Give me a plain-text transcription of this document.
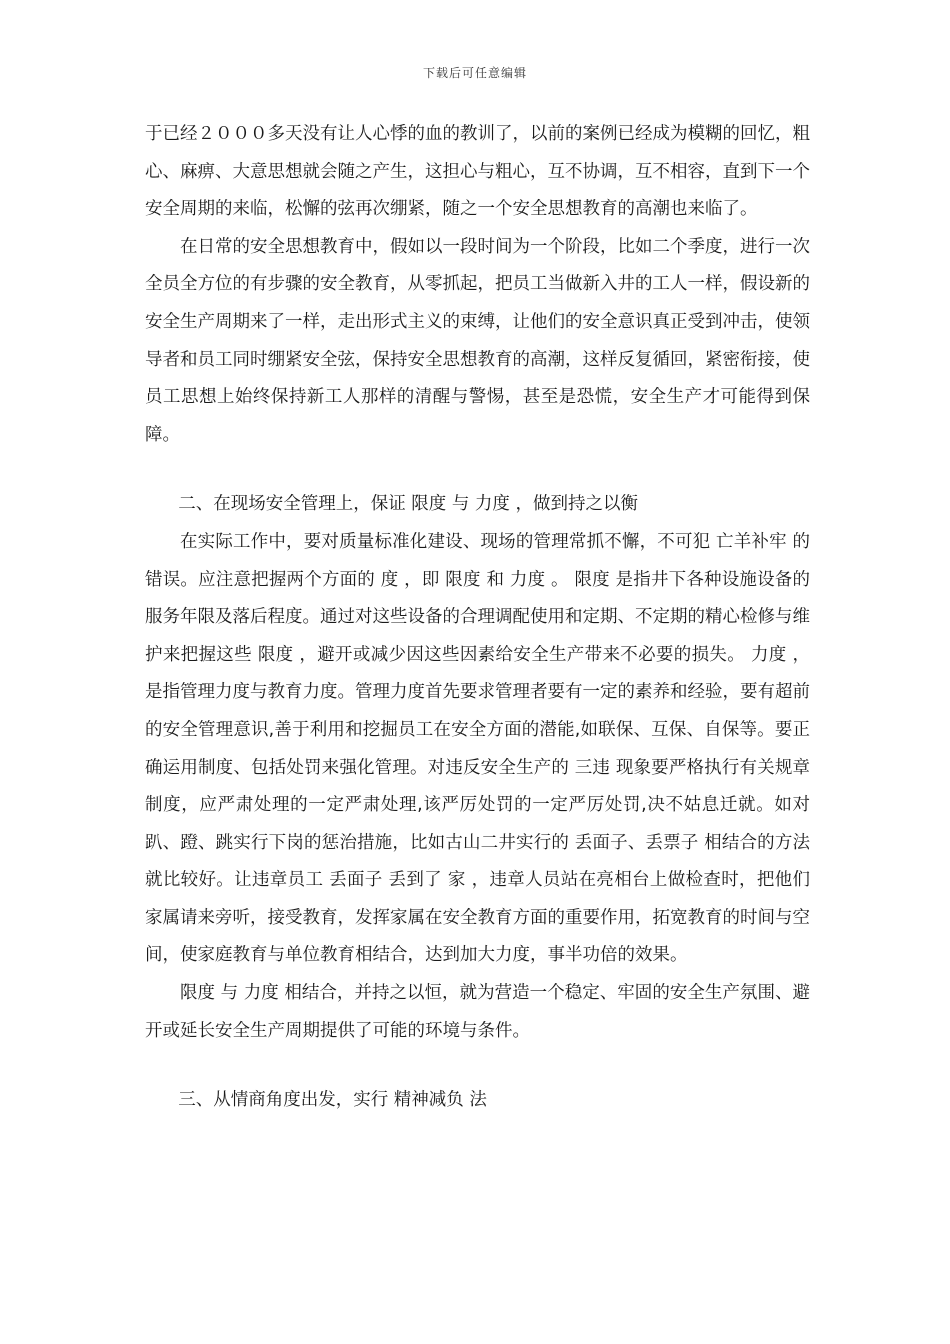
下载后可任意编辑

于已经２０００多天没有让人心悸的血的教训了，以前的案例已经成为模糊的回忆，粗心、麻痹、大意思想就会随之产生，这担心与粗心，互不协调，互不相容，直到下一个安全周期的来临，松懈的弦再次绷紧，随之一个安全思想教育的高潮也来临了。

在日常的安全思想教育中，假如以一段时间为一个阶段，比如二个季度，进行一次全员全方位的有步骤的安全教育，从零抓起，把员工当做新入井的工人一样，假设新的安全生产周期来了一样，走出形式主义的束缚，让他们的安全意识真正受到冲击，使领导者和员工同时绷紧安全弦，保持安全思想教育的高潮，这样反复循回，紧密衔接，使员工思想上始终保持新工人那样的清醒与警惕，甚至是恐慌，安全生产才可能得到保障。

二、在现场安全管理上，保证 限度 与 力度 ，做到持之以衡

在实际工作中，要对质量标准化建设、现场的管理常抓不懈，不可犯 亡羊补牢 的错误。应注意把握两个方面的 度 ，即 限度 和 力度 。 限度 是指井下各种设施设备的服务年限及落后程度。通过对这些设备的合理调配使用和定期、不定期的精心检修与维护来把握这些 限度 ，避开或减少因这些因素给安全生产带来不必要的损失。 力度 ，是指管理力度与教育力度。管理力度首先要求管理者要有一定的素养和经验，要有超前的安全管理意识,善于利用和挖掘员工在安全方面的潜能,如联保、互保、自保等。要正确运用制度、包括处罚来强化管理。对违反安全生产的 三违 现象要严格执行有关规章制度，应严肃处理的一定严肃处理,该严厉处罚的一定严厉处罚,决不姑息迁就。如对趴、蹬、跳实行下岗的惩治措施，比如古山二井实行的 丢面子、丢票子 相结合的方法就比较好。让违章员工 丢面子 丢到了 家 ，违章人员站在亮相台上做检查时，把他们家属请来旁听，接受教育，发挥家属在安全教育方面的重要作用，拓宽教育的时间与空间，使家庭教育与单位教育相结合，达到加大力度，事半功倍的效果。

限度 与 力度 相结合，并持之以恒，就为营造一个稳定、牢固的安全生产氛围、避开或延长安全生产周期提供了可能的环境与条件。

三、从情商角度出发，实行 精神减负 法
